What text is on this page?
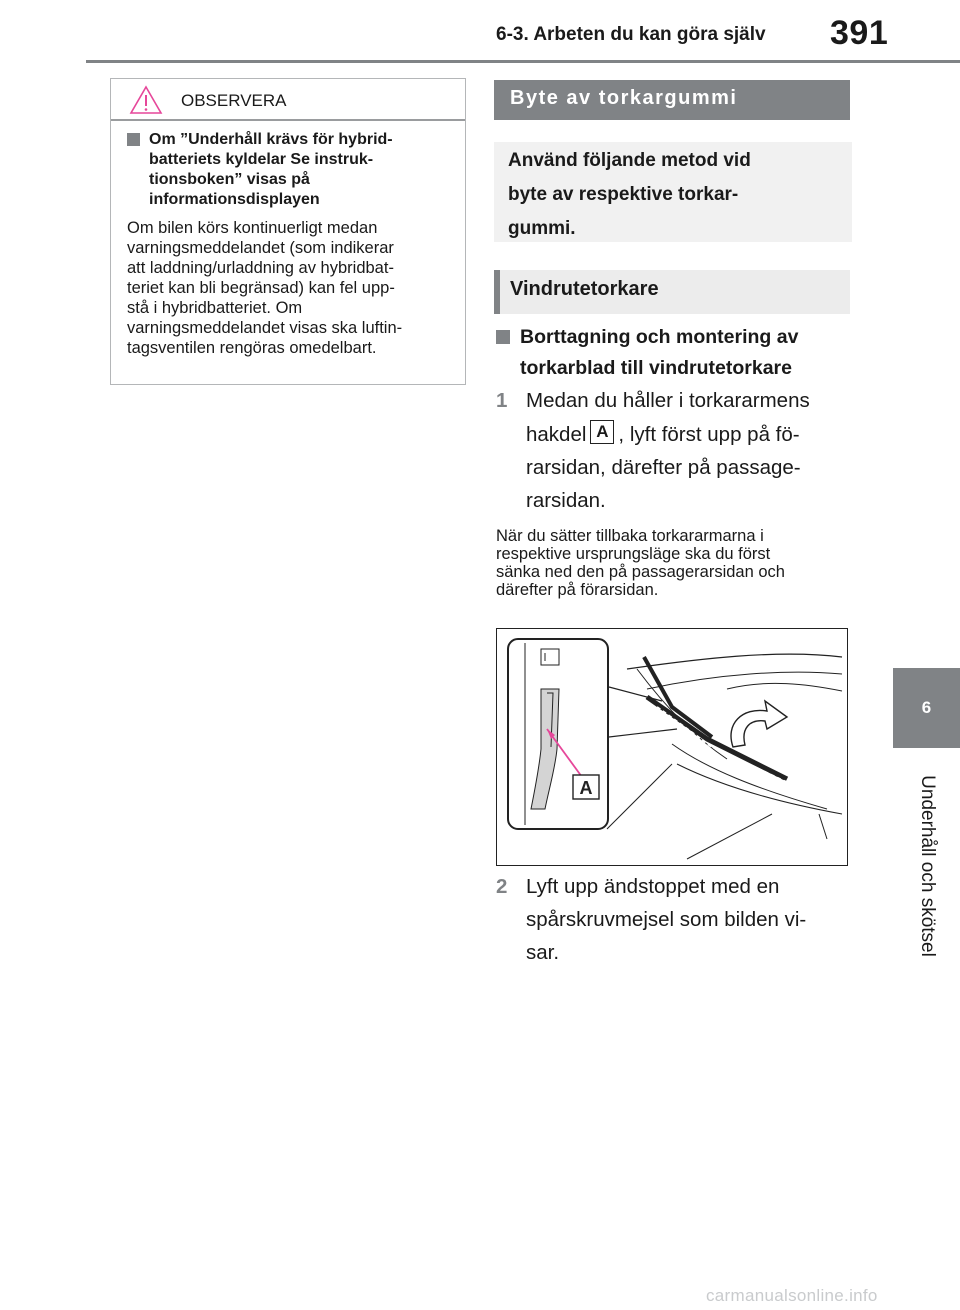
6-3. Arbeten du kan göra själv 391
6
Underhåll och skötsel
OBSERVERA
Om ”Underhåll krävs för hybrid-
batteriets kyldelar Se instruk-
tionsboken” visas på
informationsdisplayen
Om bilen körs kontinuerligt medan
varningsmeddelandet (som indikerar
att laddning/urladdning av hybridbat-
teriet kan bli begränsad) kan fel upp-
stå i hybridbatteriet. Om
varningsmeddelandet visas ska luftin-
tagsventilen rengöras omedelbart.
Byte av torkargummi
Använd följande metod vid
byte av respektive torkar-
gummi.
Vindrutetorkare
Borttagning och montering av
torkarblad till vindrutetorkare
1 Medan du håller i torkararmens
hakdel A , lyft först upp på fö-
rarsidan, därefter på passage-
rarsidan.
När du sätter tillbaka torkararmarna i
respektive ursprungsläge ska du först
sänka ned den på passagerarsidan och
därefter på förarsidan.
A
2 Lyft upp ändstoppet med en
spårskruvmejsel som bilden vi-
sar.
carmanualsonline.info
